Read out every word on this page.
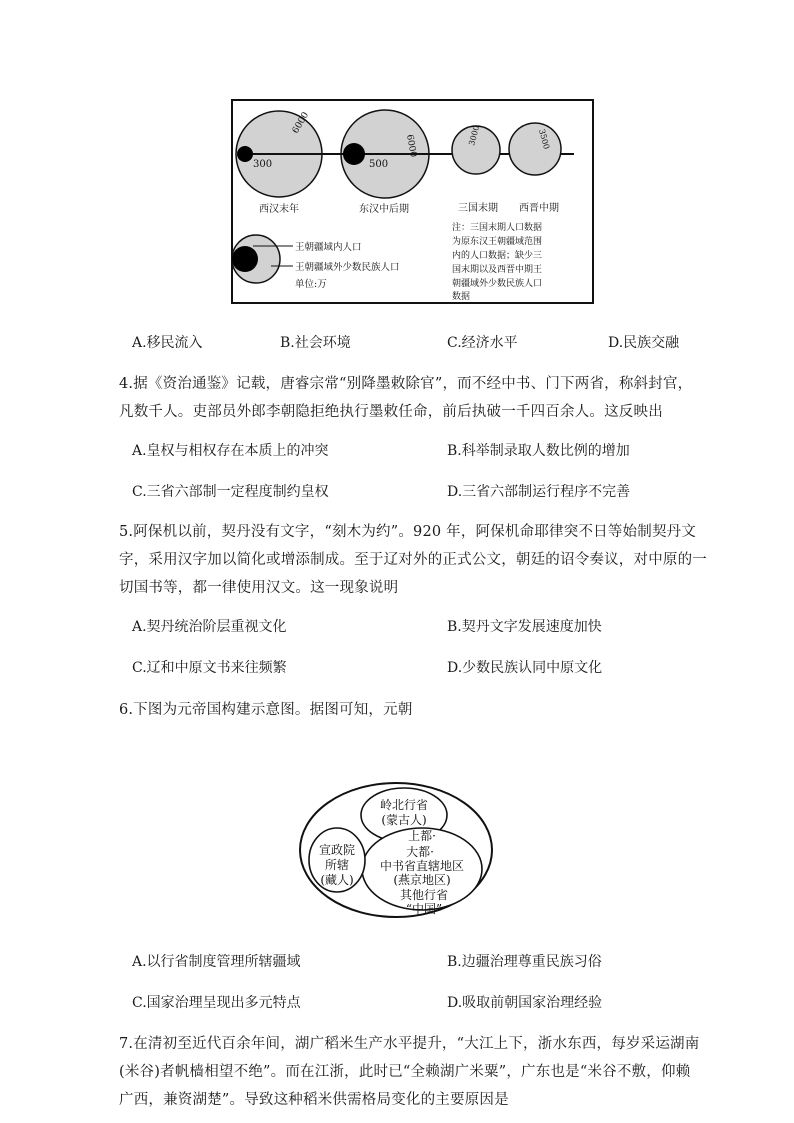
6000
300
西汉末年
6000
500
东汉中后期
3000
三国末期
3500
西晋中期
王朝疆域内人口
王朝疆域外少数民族人口
单位:万
注：三国末期人口数据
为原东汉王朝疆域范围
内的人口数据；缺少三
国末期以及西晋中期王
朝疆域外少数民族人口
数据
A.移民流入	B.社会环境	C.经济水平	D.民族交融
4.据《资治通鉴》记载，唐睿宗常“别降墨敕除官”，而不经中书、门下两省，称斜封官，
凡数千人。吏部员外郎李朝隐拒绝执行墨敕任命，前后执破一千四百余人。这反映出
A.皇权与相权存在本质上的冲突	B.科举制录取人数比例的增加
C.三省六部制一定程度制约皇权	D.三省六部制运行程序不完善
5.阿保机以前，契丹没有文字，“刻木为约”。920 年，阿保机命耶律突不日等始制契丹文
字，采用汉字加以简化或增添制成。至于辽对外的正式公文，朝廷的诏令奏议，对中原的一
切国书等，都一律使用汉文。这一现象说明
A.契丹统治阶层重视文化	B.契丹文字发展速度加快
C.辽和中原文书来往频繁	D.少数民族认同中原文化
6.下图为元帝国构建示意图。据图可知，元朝
岭北行省
(蒙古人)
上都·
大都·
中书省直辖地区
(燕京地区)
其他行省
“中国”
宣政院
所辖
(藏人)
A.以行省制度管理所辖疆域	B.边疆治理尊重民族习俗
C.国家治理呈现出多元特点	D.吸取前朝国家治理经验
7.在清初至近代百余年间，湖广稻米生产水平提升，“大江上下，浙水东西，每岁采运湖南
(米谷)者帆樯相望不绝”。而在江浙，此时已“全赖湖广米粟”，广东也是“米谷不敷，仰赖
广西，兼资湖楚”。导致这种稻米供需格局变化的主要原因是
